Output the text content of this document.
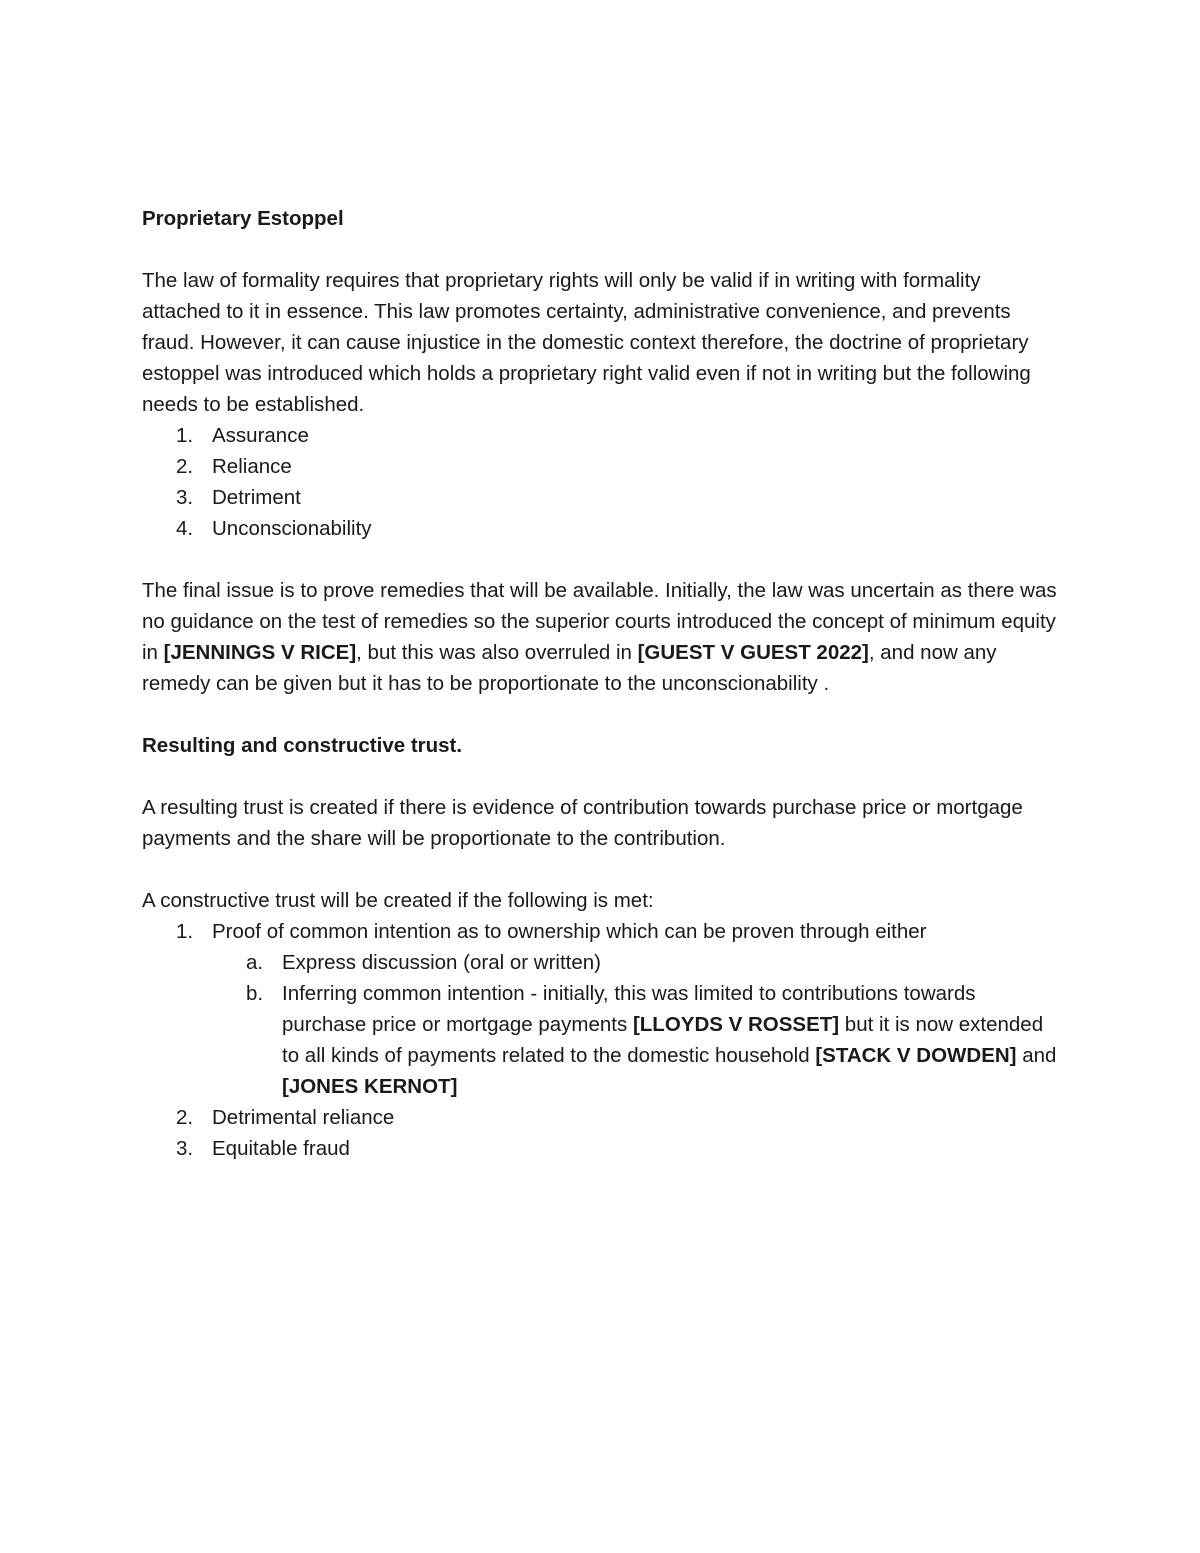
Proprietary Estoppel

The law of formality requires that proprietary rights will only be valid if in writing with formality attached to it in essence. This law promotes certainty, administrative convenience, and prevents fraud. However, it can cause injustice in the domestic context therefore, the doctrine of proprietary estoppel was introduced which holds a proprietary right valid even if not in writing but the following needs to be established.

1. Assurance
2. Reliance
3. Detriment
4. Unconscionability

The final issue is to prove remedies that will be available. Initially, the law was uncertain as there was no guidance on the test of remedies so the superior courts introduced the concept of minimum equity in [JENNINGS V RICE], but this was also overruled in [GUEST V GUEST 2022], and now any remedy can be given but it has to be proportionate to the unconscionability .

Resulting and constructive trust.

A resulting trust is created if there is evidence of contribution towards purchase price or mortgage payments and the share will be proportionate to the contribution.

A constructive trust will be created if the following is met:

1. Proof of common intention as to ownership which can be proven through either
a. Express discussion (oral or written)
b. Inferring common intention - initially, this was limited to contributions towards purchase price or mortgage payments [LLOYDS V ROSSET] but it is now extended to all kinds of payments related to the domestic household [STACK V DOWDEN] and [JONES KERNOT]
2. Detrimental reliance
3. Equitable fraud
